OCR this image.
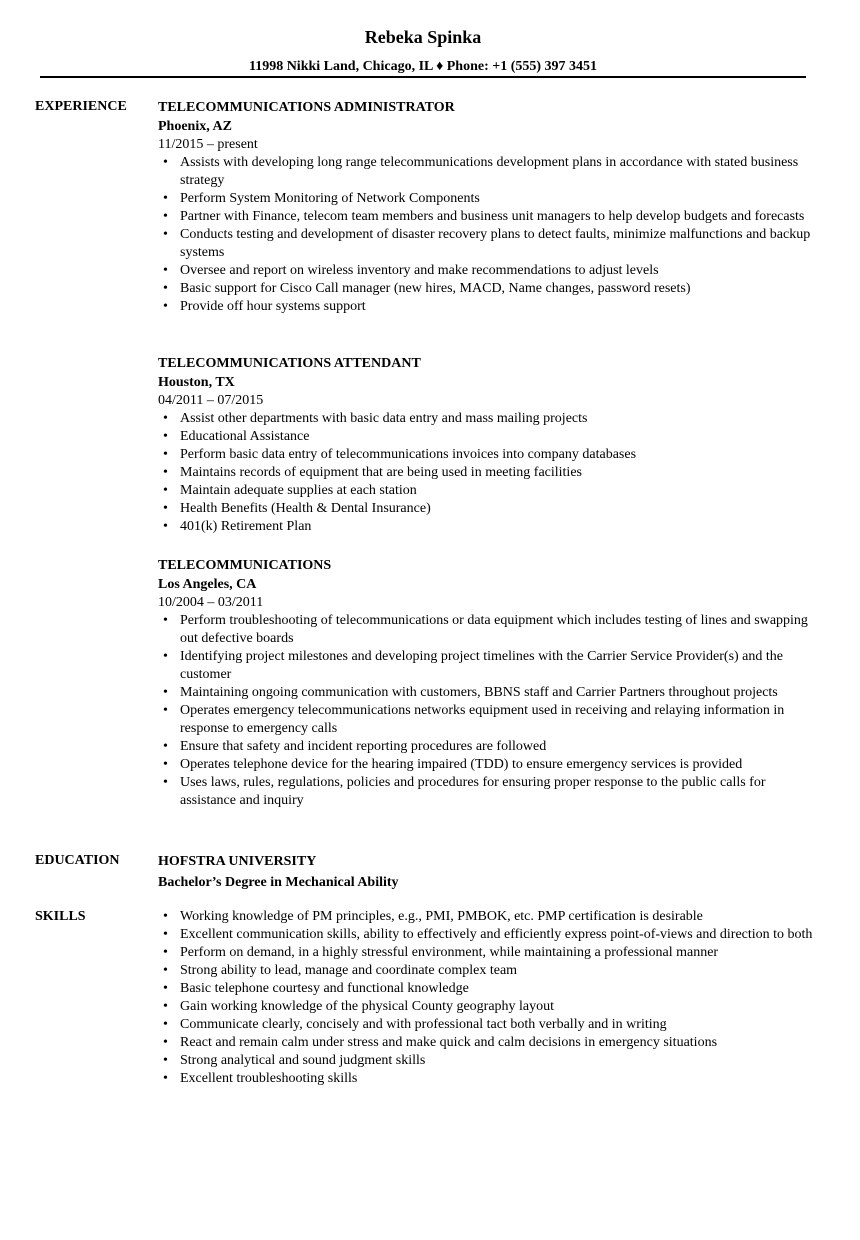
Rebeka Spinka
11998 Nikki Land, Chicago, IL ♦ Phone: +1 (555) 397 3451
EXPERIENCE TELECOMMUNICATIONS ADMINISTRATOR
Phoenix, AZ
11/2015 – present
• Assists with developing long range telecommunications development plans in accordance with stated business strategy
• Perform System Monitoring of Network Components
• Partner with Finance, telecom team members and business unit managers to help develop budgets and forecasts
• Conducts testing and development of disaster recovery plans to detect faults, minimize malfunctions and backup systems
• Oversee and report on wireless inventory and make recommendations to adjust levels
• Basic support for Cisco Call manager (new hires, MACD, Name changes, password resets)
• Provide off hour systems support
TELECOMMUNICATIONS ATTENDANT
Houston, TX
04/2011 – 07/2015
• Assist other departments with basic data entry and mass mailing projects
• Educational Assistance
• Perform basic data entry of telecommunications invoices into company databases
• Maintains records of equipment that are being used in meeting facilities
• Maintain adequate supplies at each station
• Health Benefits (Health & Dental Insurance)
• 401(k) Retirement Plan
TELECOMMUNICATIONS
Los Angeles, CA
10/2004 – 03/2011
• Perform troubleshooting of telecommunications or data equipment which includes testing of lines and swapping out defective boards
• Identifying project milestones and developing project timelines with the Carrier Service Provider(s) and the customer
• Maintaining ongoing communication with customers, BBNS staff and Carrier Partners throughout projects
• Operates emergency telecommunications networks equipment used in receiving and relaying information in response to emergency calls
• Ensure that safety and incident reporting procedures are followed
• Operates telephone device for the hearing impaired (TDD) to ensure emergency services is provided
• Uses laws, rules, regulations, policies and procedures for ensuring proper response to the public calls for assistance and inquiry
EDUCATION	HOFSTRA UNIVERSITY
Bachelor’s Degree in Mechanical Ability
SKILLS
•	Working knowledge of PM principles, e.g., PMI, PMBOK, etc. PMP certification is desirable
• Excellent communication skills, ability to effectively and efficiently express point-of-views and direction to both
• Perform on demand, in a highly stressful environment, while maintaining a professional manner
• Strong ability to lead, manage and coordinate complex team
• Basic telephone courtesy and functional knowledge
• Gain working knowledge of the physical County geography layout
• Communicate clearly, concisely and with professional tact both verbally and in writing
• React and remain calm under stress and make quick and calm decisions in emergency situations
• Strong analytical and sound judgment skills
• Excellent troubleshooting skills
